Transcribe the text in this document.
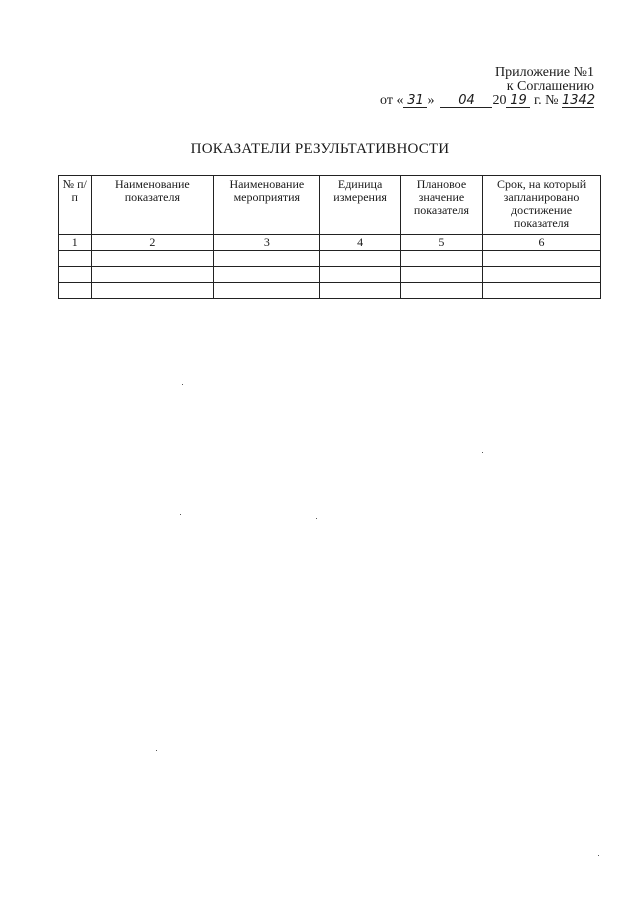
Приложение №1
к Соглашению
от « 31 » 04 20 19 г. № 1342
ПОКАЗАТЕЛИ РЕЗУЛЬТАТИВНОСТИ
№ п/п	Наименование показателя	Наименование мероприятия	Единица измерения	Плановое значение показателя	Срок, на который запланировано достижение показателя
1	2	3	4	5	6
